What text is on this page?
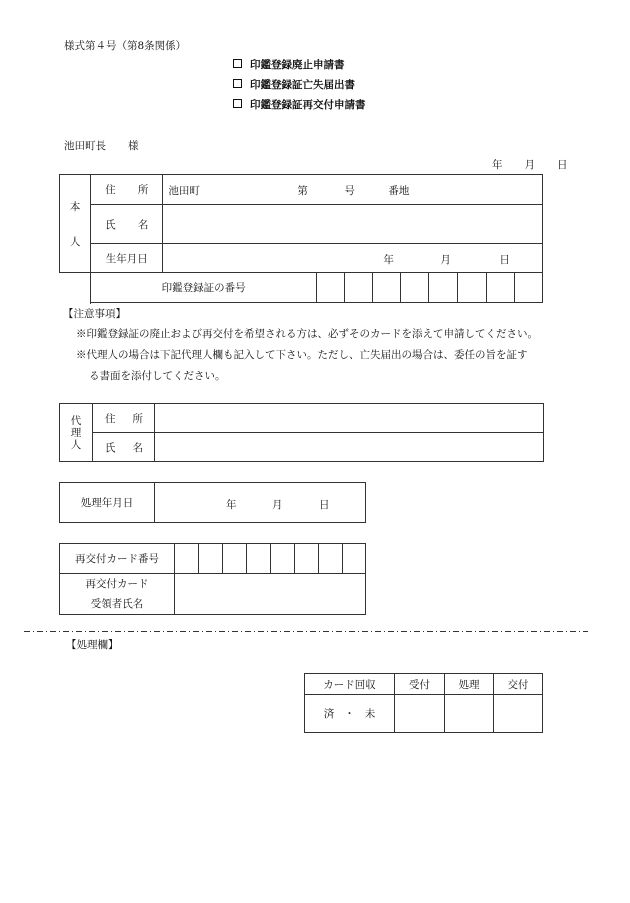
様式第４号（第8条関係）
印鑑登録廃止申請書
印鑑登録証亡失届出書
印鑑登録証再交付申請書
池田町長 様
年 月 日
本
人	住 所	池田町 第 号 番地								

	氏 名									

	生年月日	年 月 日								

	印鑑登録証の番号									
【注意事項】
※印鑑登録証の廃止および再交付を希望される方は、必ずそのカードを添えて申請してください。
※代理人の場合は下記代理人欄も記入して下さい。ただし、亡失届出の場合は、委任の旨を証す
る書面を添付してください。
代
理
人	住 所	

	氏 名	

処理年月日	年	月	日
再交付カード番号								

再交付カード
受領者氏名								

【処理欄】
カード回収	受付	処理	交付
済 ・ 未			
